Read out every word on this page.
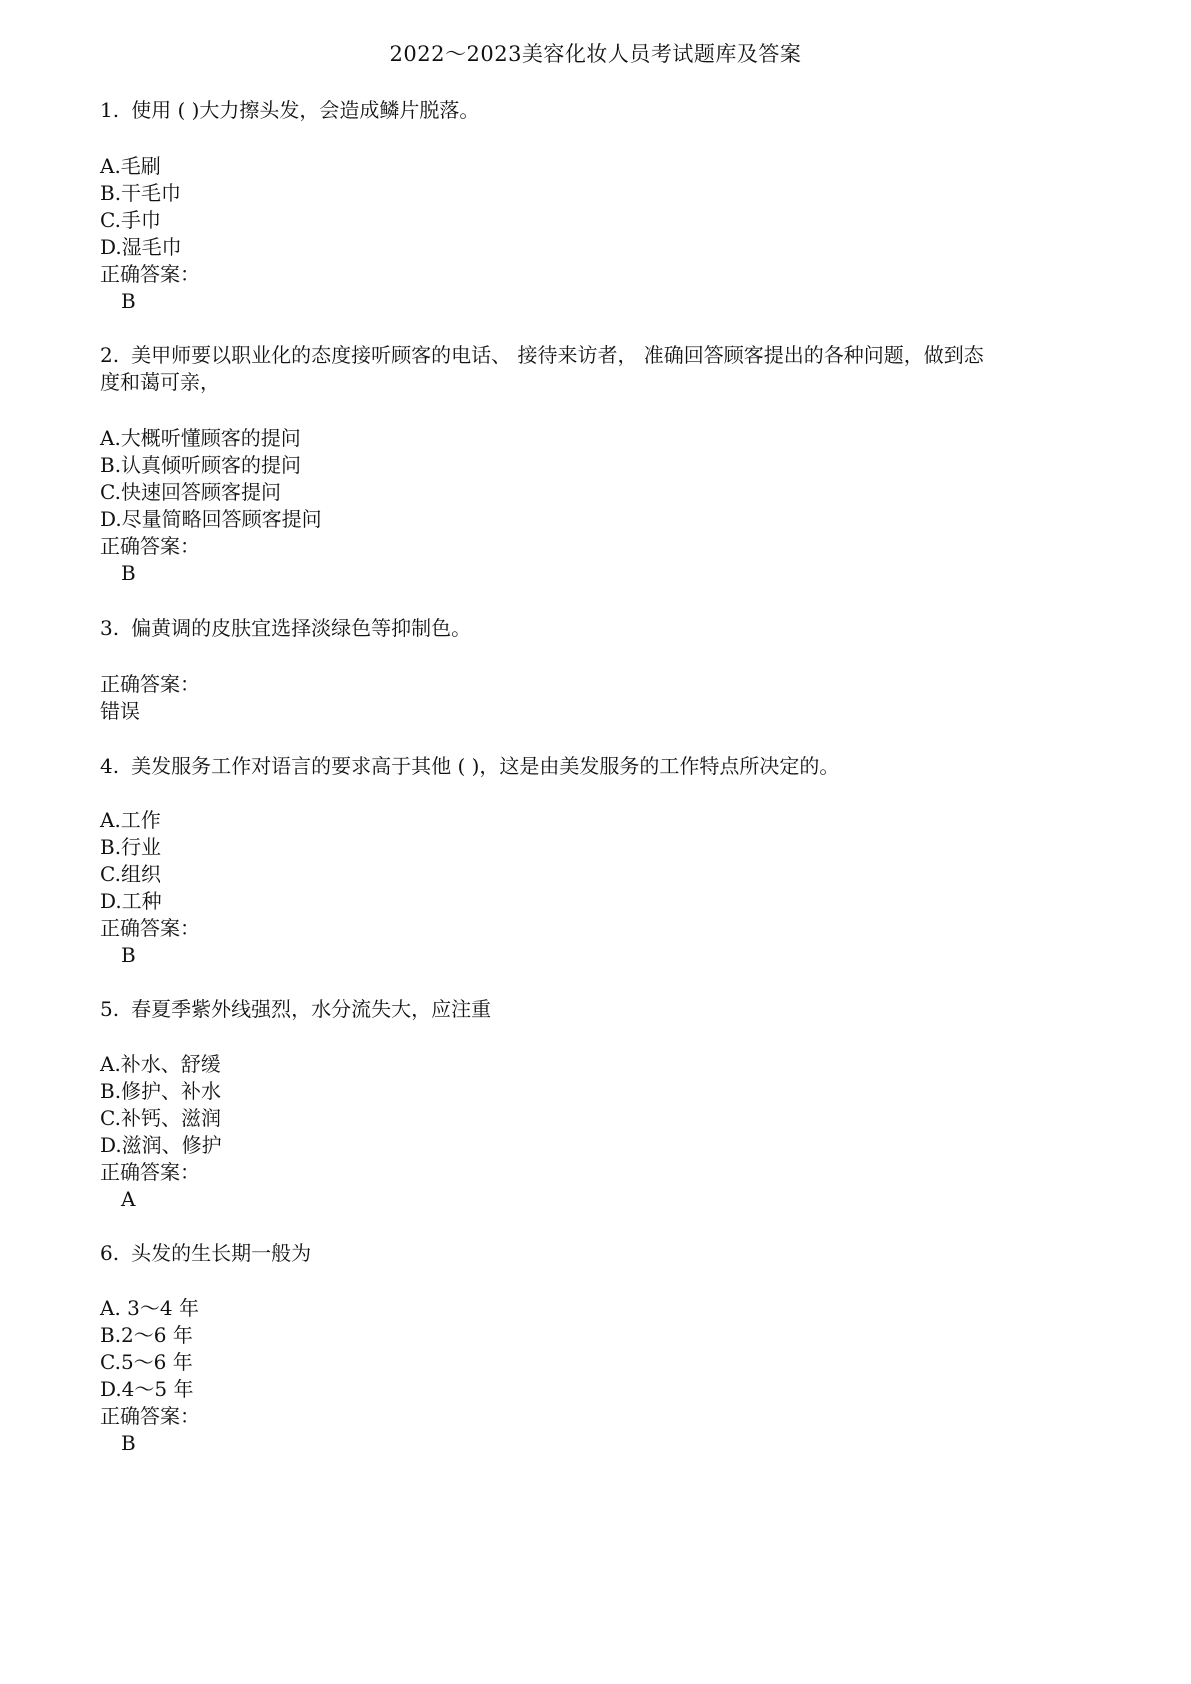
2022～2023美容化妆人员考试题库及答案
1. 使用 ( )大力擦头发，会造成鳞片脱落。
A.毛刷
B.干毛巾
C.手巾
D.湿毛巾
正确答案：
B
2. 美甲师要以职业化的态度接听顾客的电话、 接待来访者， 准确回答顾客提出的各种问题，做到态
度和蔼可亲，
A.大概听懂顾客的提问
B.认真倾听顾客的提问
C.快速回答顾客提问
D.尽量简略回答顾客提问
正确答案：
B
3. 偏黄调的皮肤宜选择淡绿色等抑制色。
正确答案：
错误
4. 美发服务工作对语言的要求高于其他 ( )，这是由美发服务的工作特点所决定的。
A.工作
B.行业
C.组织
D.工种
正确答案：
B
5. 春夏季紫外线强烈，水分流失大，应注重
A.补水、舒缓
B.修护、补水
C.补钙、滋润
D.滋润、修护
正确答案：
A
6. 头发的生长期一般为
A. 3～4 年
B.2～6 年
C.5～6 年
D.4～5 年
正确答案：
B
